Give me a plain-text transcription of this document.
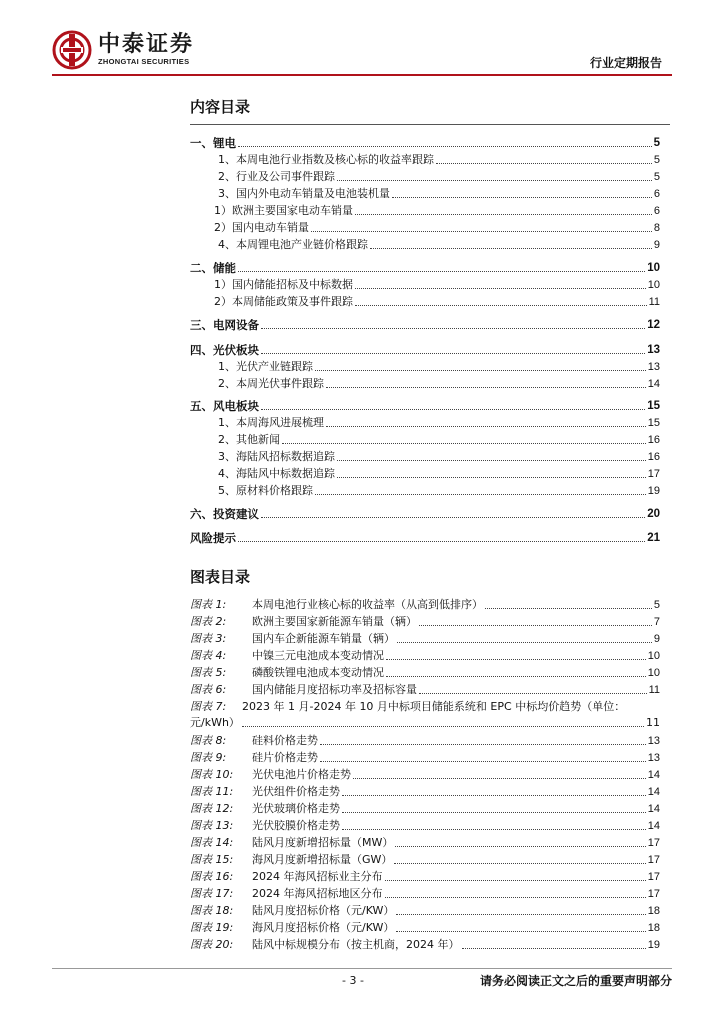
中泰证券
ZHONGTAI SECURITIES	行业定期报告
内容目录
一、锂电	5
1、本周电池行业指数及核心标的收益率跟踪	5
2、行业及公司事件跟踪	5
3、国内外电动车销量及电池装机量	6
1）欧洲主要国家电动车销量	6
2）国内电动车销量	8
4、本周锂电池产业链价格跟踪	9
二、储能	10
1）国内储能招标及中标数据	10
2）本周储能政策及事件跟踪	11
三、电网设备	12
四、光伏板块	13
1、光伏产业链跟踪	13
2、本周光伏事件跟踪	14
五、风电板块	15
1、本周海风进展梳理	15
2、其他新闻	16
3、海陆风招标数据追踪	16
4、海陆风中标数据追踪	17
5、原材料价格跟踪	19
六、投资建议	20
风险提示	21
图表目录
图表 1:	本周电池行业核心标的收益率（从高到低排序）	5
图表 2:	欧洲主要国家新能源车销量（辆）	7
图表 3:	国内车企新能源车销量（辆）	9
图表 4:	中镍三元电池成本变动情况	10
图表 5:	磷酸铁锂电池成本变动情况	10
图表 6:	国内储能月度招标功率及招标容量	11
图表 7:	2023 年 1 月-2024 年 10 月中标项目储能系统和 EPC 中标均价趋势（单位：
元/kWh）	11
图表 8:	硅料价格走势	13
图表 9:	硅片价格走势	13
图表 10:	光伏电池片价格走势	14
图表 11:	光伏组件价格走势	14
图表 12:	光伏玻璃价格走势	14
图表 13:	光伏胶膜价格走势	14
图表 14:	陆风月度新增招标量（MW）	17
图表 15:	海风月度新增招标量（GW）	17
图表 16:	2024 年海风招标业主分布	17
图表 17:	2024 年海风招标地区分布	17
图表 18:	陆风月度招标价格（元/KW）	18
图表 19:	海风月度招标价格（元/KW）	18
图表 20:	陆风中标规模分布（按主机商，2024 年）	19
- 3 -	请务必阅读正文之后的重要声明部分
